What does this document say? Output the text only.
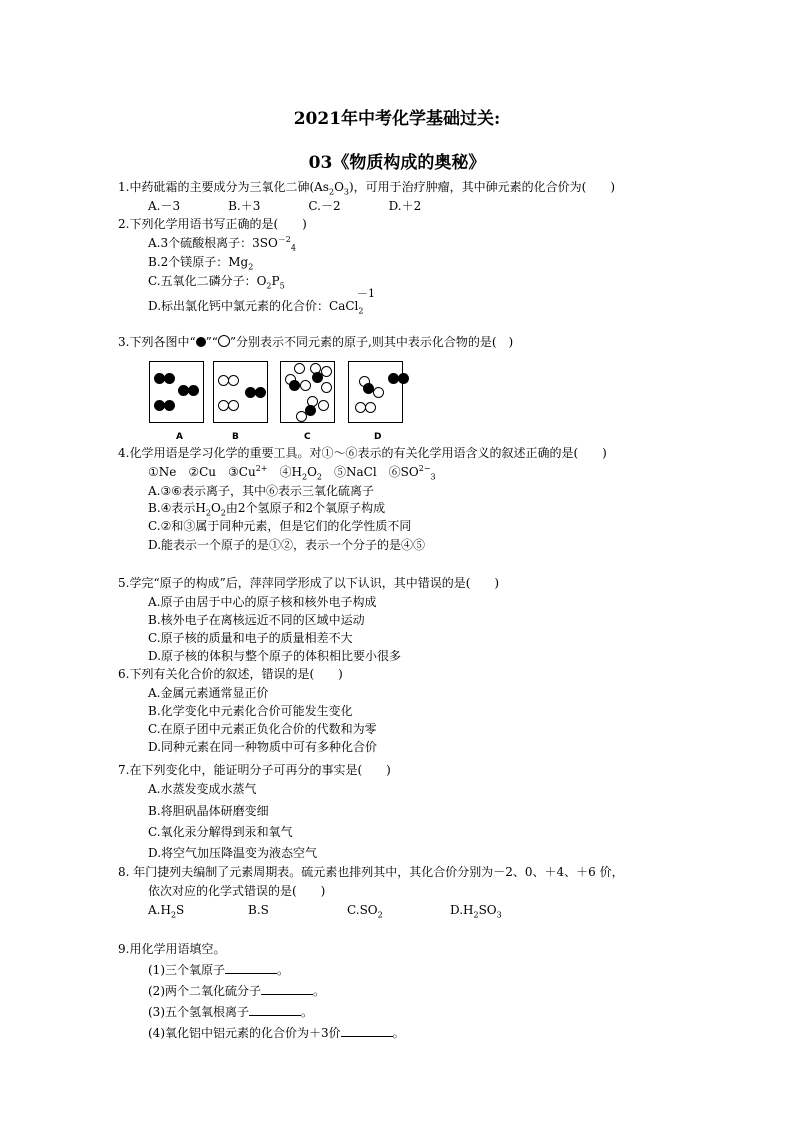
2021年中考化学基础过关:
03《物质构成的奥秘》
1.中药砒霜的主要成分为三氧化二砷$(As_2O_3)$，可用于治疗肿瘤，其中砷元素的化合价为(　　)
A.－3　　　　B.＋3　　　　C.－2　　　　D.＋2
2.下列化学用语书写正确的是(　　)
A.3个硫酸根离子：$3SO^{-2}_4$
B.2个镁原子：$Mg_2$
C.五氧化二磷分子：$O_2P_5$
D.标出氯化钙中氯元素的化合价：CaCl$_2$
－1
3.下列各图中“ ”“ ”分别表示不同元素的原子,则其中表示化合物的是(　)
A	B	C	D
4.化学用语是学习化学的重要工具。对①～⑥表示的有关化学用语含义的叙述正确的是(　　)
①Ne　②Cu　$③Cu^{2+}$　$④H_2O_2$　⑤NaCl　$⑥SO^{2-}_3$
A.③⑥表示离子，其中⑥表示三氧化硫离子
B.④表示$H_2O_2$由2个氢原子和2个氧原子构成
C.②和③属于同种元素，但是它们的化学性质不同
D.能表示一个原子的是①②，表示一个分子的是④⑤
5.学完“原子的构成”后，萍萍同学形成了以下认识，其中错误的是(　　)
A.原子由居于中心的原子核和核外电子构成
B.核外电子在离核远近不同的区域中运动
C.原子核的质量和电子的质量相差不大
D.原子核的体积与整个原子的体积相比要小很多
6.下列有关化合价的叙述，错误的是(　　)
A.金属元素通常显正价
B.化学变化中元素化合价可能发生变化
C.在原子团中元素正负化合价的代数和为零
D.同种元素在同一种物质中可有多种化合价
7.在下列变化中，能证明分子可再分的事实是(　　)
A.水蒸发变成水蒸气
B.将胆矾晶体研磨变细
C.氧化汞分解得到汞和氧气
D.将空气加压降温变为液态空气
8. 年门捷列夫编制了元素周期表。硫元素也排列其中，其化合价分别为－2、0、＋4、＋6 价，
依次对应的化学式错误的是(　　)
$A.H_2S$	B.S	$C.SO_2$	$D.H_2SO_3$
9.用化学用语填空。
(1)三个氧原子	。
(2)两个二氧化硫分子	。
(3)五个氢氧根离子	。
(4)氧化铝中铝元素的化合价为＋3价	。
